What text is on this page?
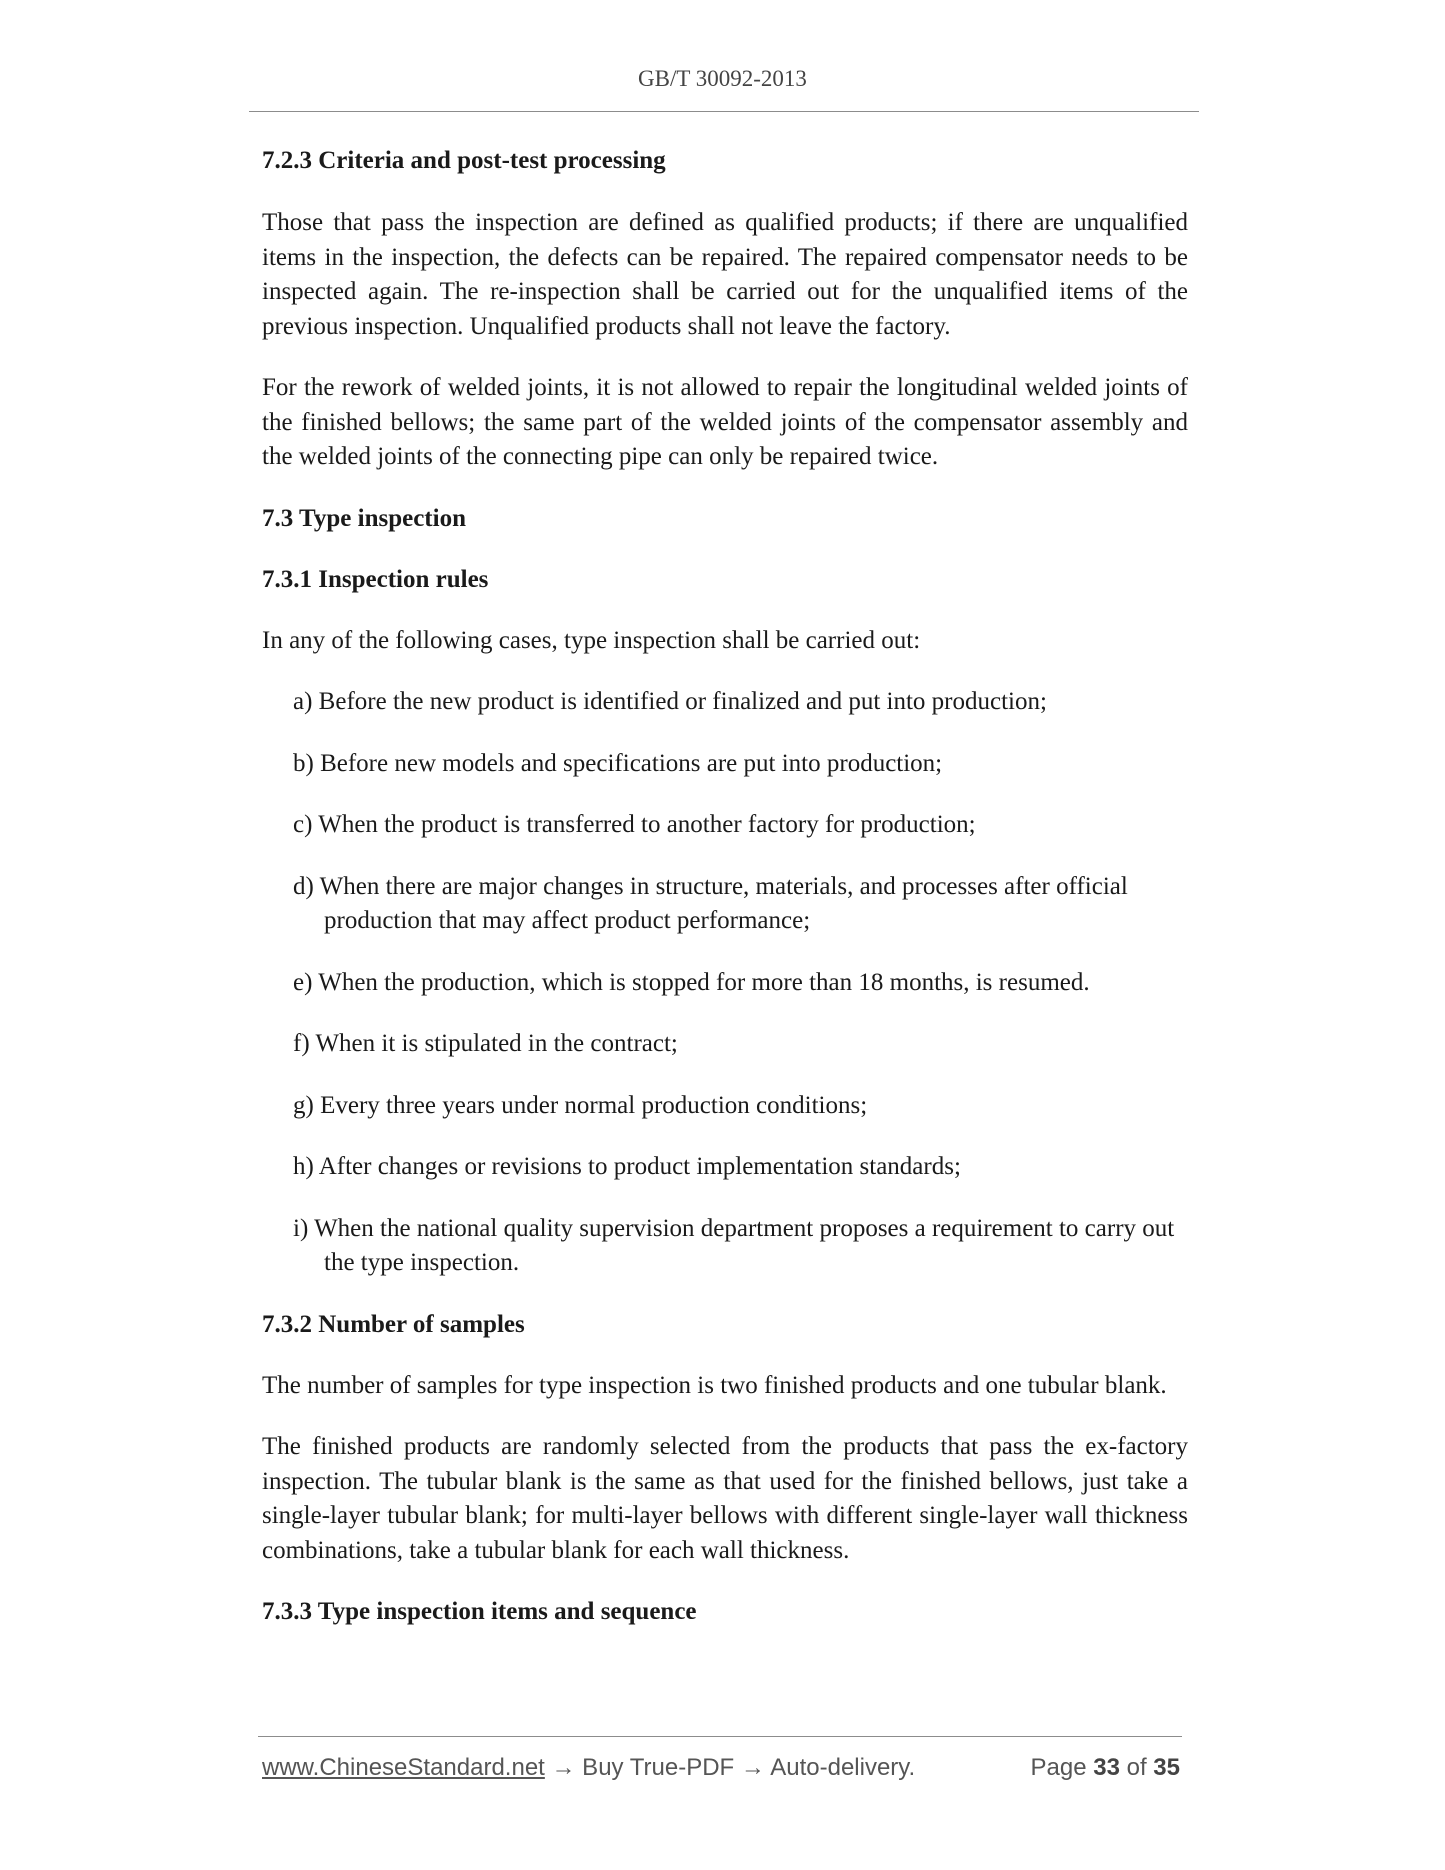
GB/T 30092-2013

7.2.3 Criteria and post-test processing

Those that pass the inspection are defined as qualified products; if there are unqualified items in the inspection, the defects can be repaired. The repaired compensator needs to be inspected again. The re-inspection shall be carried out for the unqualified items of the previous inspection. Unqualified products shall not leave the factory.

For the rework of welded joints, it is not allowed to repair the longitudinal welded joints of the finished bellows; the same part of the welded joints of the compensator assembly and the welded joints of the connecting pipe can only be repaired twice.

7.3 Type inspection

7.3.1 Inspection rules

In any of the following cases, type inspection shall be carried out:

a) Before the new product is identified or finalized and put into production;

b) Before new models and specifications are put into production;

c) When the product is transferred to another factory for production;

d) When there are major changes in structure, materials, and processes after official production that may affect product performance;

e) When the production, which is stopped for more than 18 months, is resumed.

f) When it is stipulated in the contract;

g) Every three years under normal production conditions;

h) After changes or revisions to product implementation standards;

i) When the national quality supervision department proposes a requirement to carry out the type inspection.

7.3.2 Number of samples

The number of samples for type inspection is two finished products and one tubular blank.

The finished products are randomly selected from the products that pass the ex-factory inspection. The tubular blank is the same as that used for the finished bellows, just take a single-layer tubular blank; for multi-layer bellows with different single-layer wall thickness combinations, take a tubular blank for each wall thickness.

7.3.3 Type inspection items and sequence

www.ChineseStandard.net → Buy True-PDF → Auto-delivery.	Page 33 of 35
